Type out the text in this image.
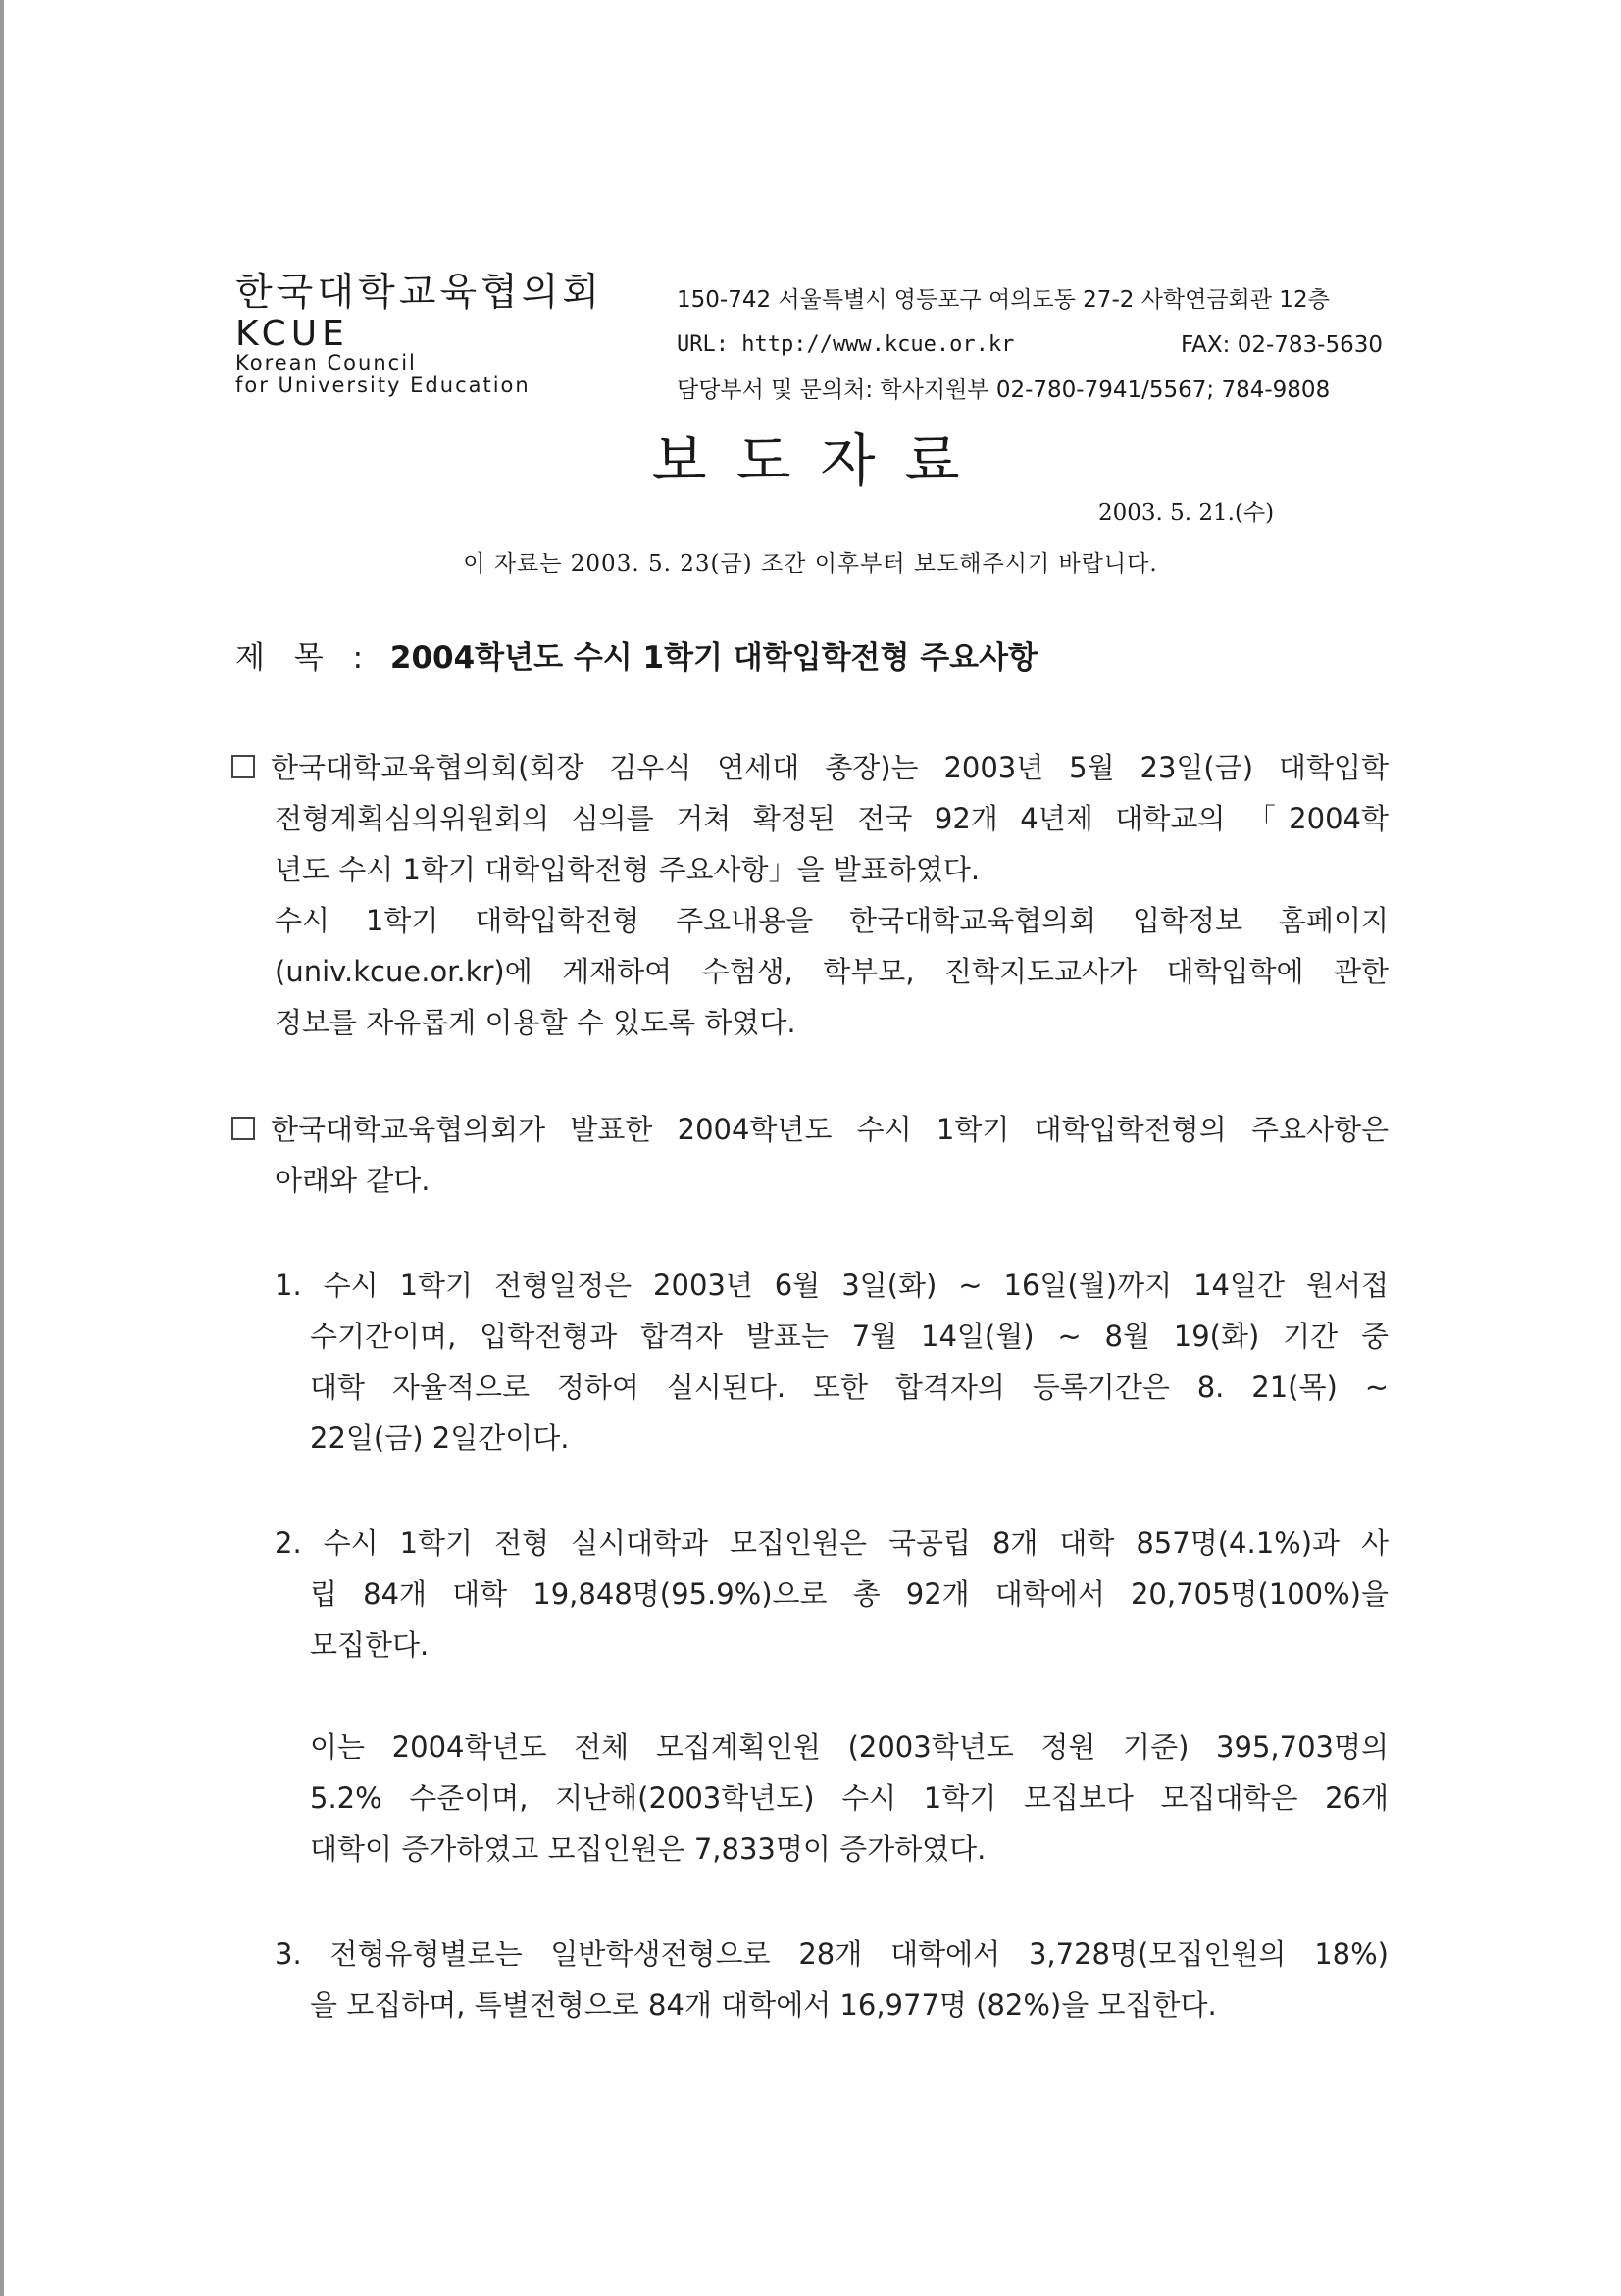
한국대학교육협의회
KCUE
Korean Council
for University Education
150-742 서울특별시 영등포구 여의도동 27-2 사학연금회관 12층
URL: http://www.kcue.or.kr	FAX: 02-783-5630
담당부서 및 문의처: 학사지원부 02-780-7941/5567; 784-9808
보도자료
2003. 5. 21.(수)
이 자료는 2003. 5. 23(금) 조간 이후부터 보도해주시기 바랍니다.
제 목 : 2004학년도 수시 1학기 대학입학전형 주요사항
한국대학교육협의회(회장 김우식 연세대 총장)는 2003년 5월 23일(금) 대학입학
전형계획심의위원회의 심의를 거쳐 확정된 전국 92개 4년제 대학교의 「2004학
년도 수시 1학기 대학입학전형 주요사항」을 발표하였다.
수시 1학기 대학입학전형 주요내용을 한국대학교육협의회 입학정보 홈페이지
(univ.kcue.or.kr)에 게재하여 수험생, 학부모, 진학지도교사가 대학입학에 관한
정보를 자유롭게 이용할 수 있도록 하였다.
한국대학교육협의회가 발표한 2004학년도 수시 1학기 대학입학전형의 주요사항은
아래와 같다.
1. 수시 1학기 전형일정은 2003년 6월 3일(화) ~ 16일(월)까지 14일간 원서접
수기간이며, 입학전형과 합격자 발표는 7월 14일(월) ~ 8월 19(화) 기간 중
대학 자율적으로 정하여 실시된다. 또한 합격자의 등록기간은 8. 21(목) ~
22일(금) 2일간이다.
2. 수시 1학기 전형 실시대학과 모집인원은 국공립 8개 대학 857명(4.1%)과 사
립 84개 대학 19,848명(95.9%)으로 총 92개 대학에서 20,705명(100%)을
모집한다.
이는 2004학년도 전체 모집계획인원 (2003학년도 정원 기준) 395,703명의
5.2% 수준이며, 지난해(2003학년도) 수시 1학기 모집보다 모집대학은 26개
대학이 증가하였고 모집인원은 7,833명이 증가하였다.
3. 전형유형별로는 일반학생전형으로 28개 대학에서 3,728명(모집인원의 18%)
을 모집하며, 특별전형으로 84개 대학에서 16,977명 (82%)을 모집한다.
